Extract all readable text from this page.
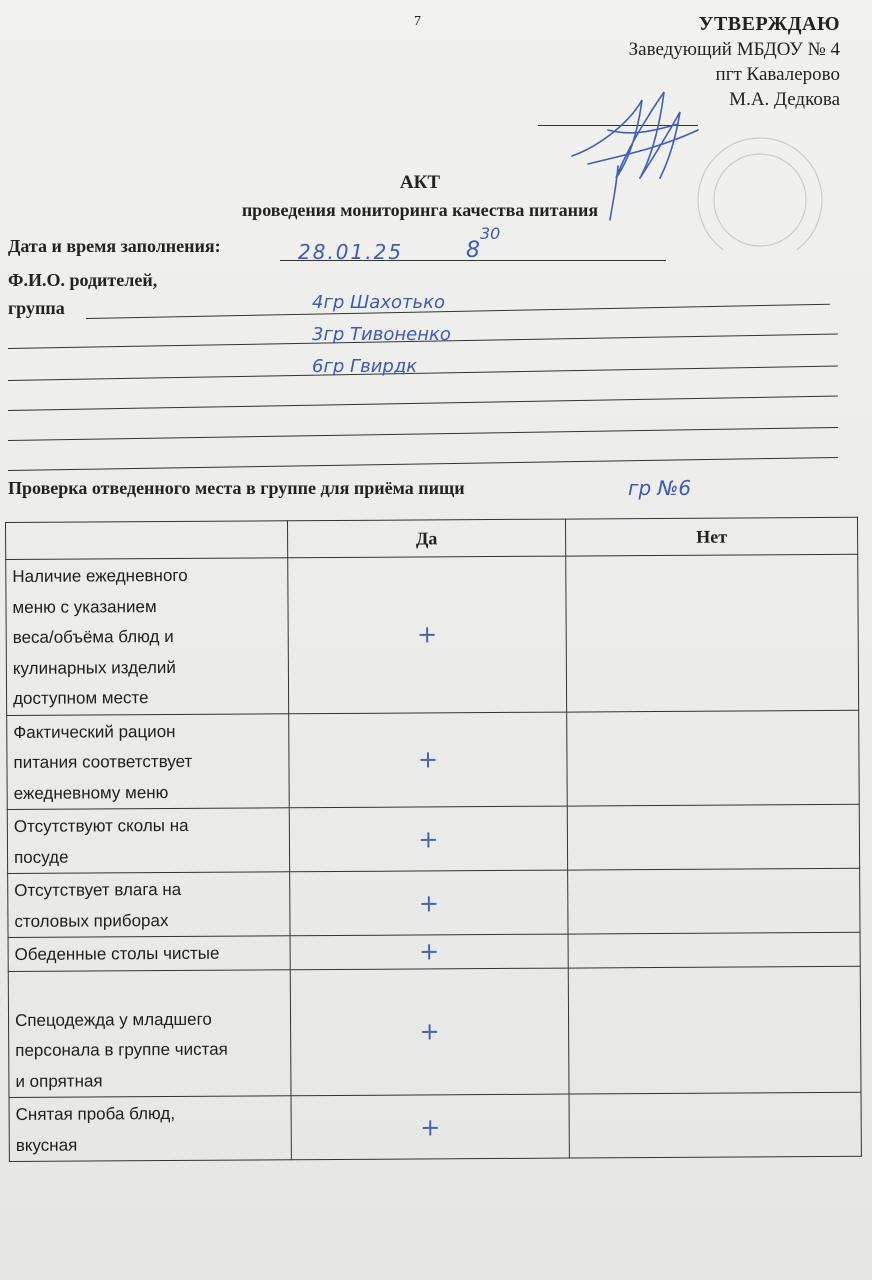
7	УТВЕРЖДАЮ
Заведующий МБДОУ № 4
пгт Кавалерово
М.А. Дедкова
АКТ
проведения мониторинга качества питания
Дата и время заполнения:	28.01.25	8
30
Ф.И.О. родителей,
группа	4гр Шахотько
3гр Тивоненко
6гр Гвирдк
Проверка отведенного места в группе для приёма пищи	гр №6
	Да	Нет

Наличие ежедневного
меню с указанием
веса/объёма блюд и
кулинарных изделий
доступном месте	+	

Фактический рацион
питания соответствует
ежедневному меню	+	

Отсутствуют сколы на
посуде	+	

Отсутствует влага на
столовых приборах	+	

Обеденные столы чистые	+	

Спецодежда у младшего
персонала в группе чистая
и опрятная	+	

Снятая проба блюд,
вкусная	+	
